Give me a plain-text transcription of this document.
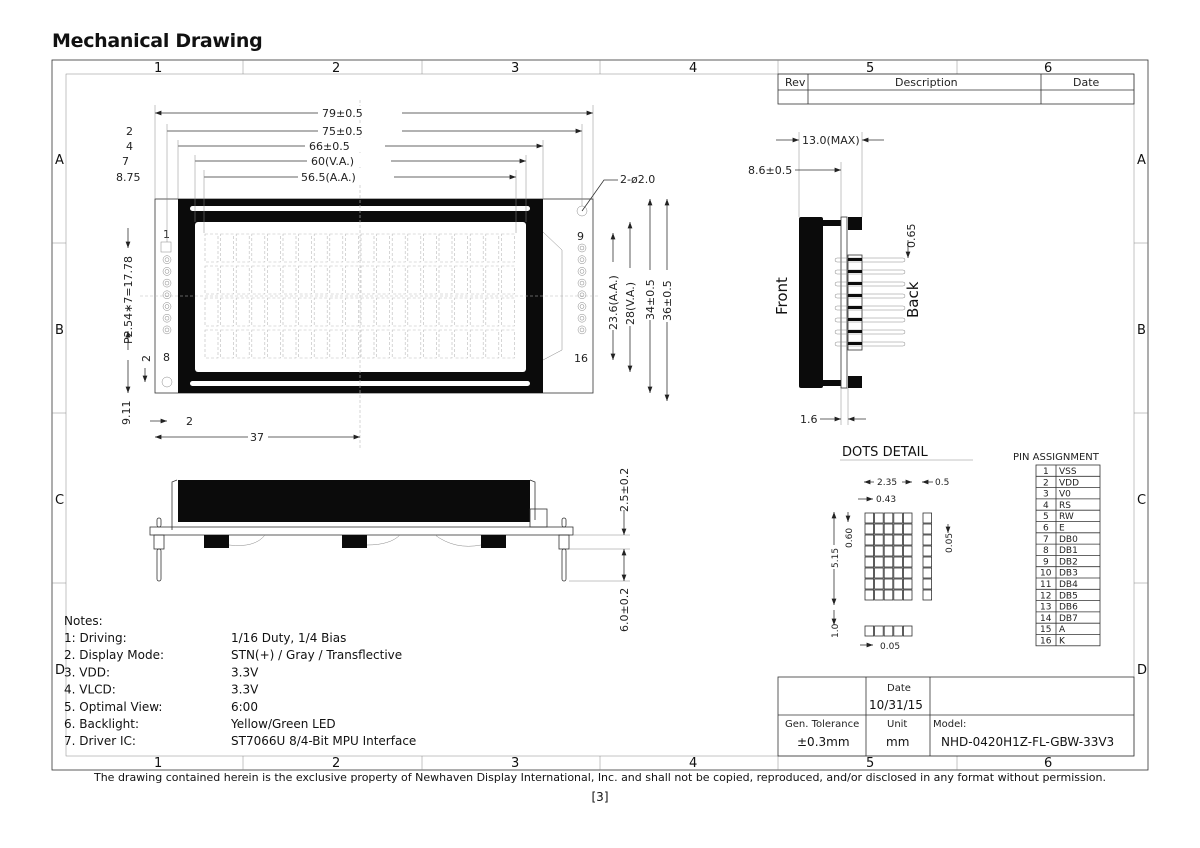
Mechanical Drawing
1	2	3	4	5	6
1	2	3	4	5	6
A
B
C
D
A
B
C
D
Rev	Description	Date
1
8
9
16
79±0.5
75±0.5
66±0.5
60(V.A.)
56.5(A.A.)
2
4
7
8.75	2-ø2.0
23.6(A.A.) 28(V.A.) 34±0.5 36±0.5
P2.54∗7=17.78
2
9.11	2
37
13.0(MAX)
8.6±0.5
0.65
Front	Back
1.6
2.5±0.2
6.0±0.2
DOTS DETAIL
2.35	0.5
0.43
0.60
5.15
0.05
1.0
0.05
PIN ASSIGNMENT
1 VSS
2 VDD
3 V0
4 RS
5 RW
6 E
7 DB0
8 DB1
9 DB2
10 DB3
11 DB4
12 DB5
13 DB6
14 DB7
15 A
16 K
Notes:
1: Driving:	1/16 Duty, 1/4 Bias
2. Display Mode:	STN(+) / Gray / Transflective
3. VDD:	3.3V
4. VLCD:	3.3V
5. Optimal View:	6:00
6. Backlight:	Yellow/Green LED
7. Driver IC:	ST7066U 8/4-Bit MPU Interface
Date
10/31/15
Gen. Tolerance
±0.3mm
Unit
mm
Model:
NHD-0420H1Z-FL-GBW-33V3
The drawing contained herein is the exclusive property of Newhaven Display International, Inc. and shall not be copied, reproduced, and/or disclosed in any format without permission.
[3]
